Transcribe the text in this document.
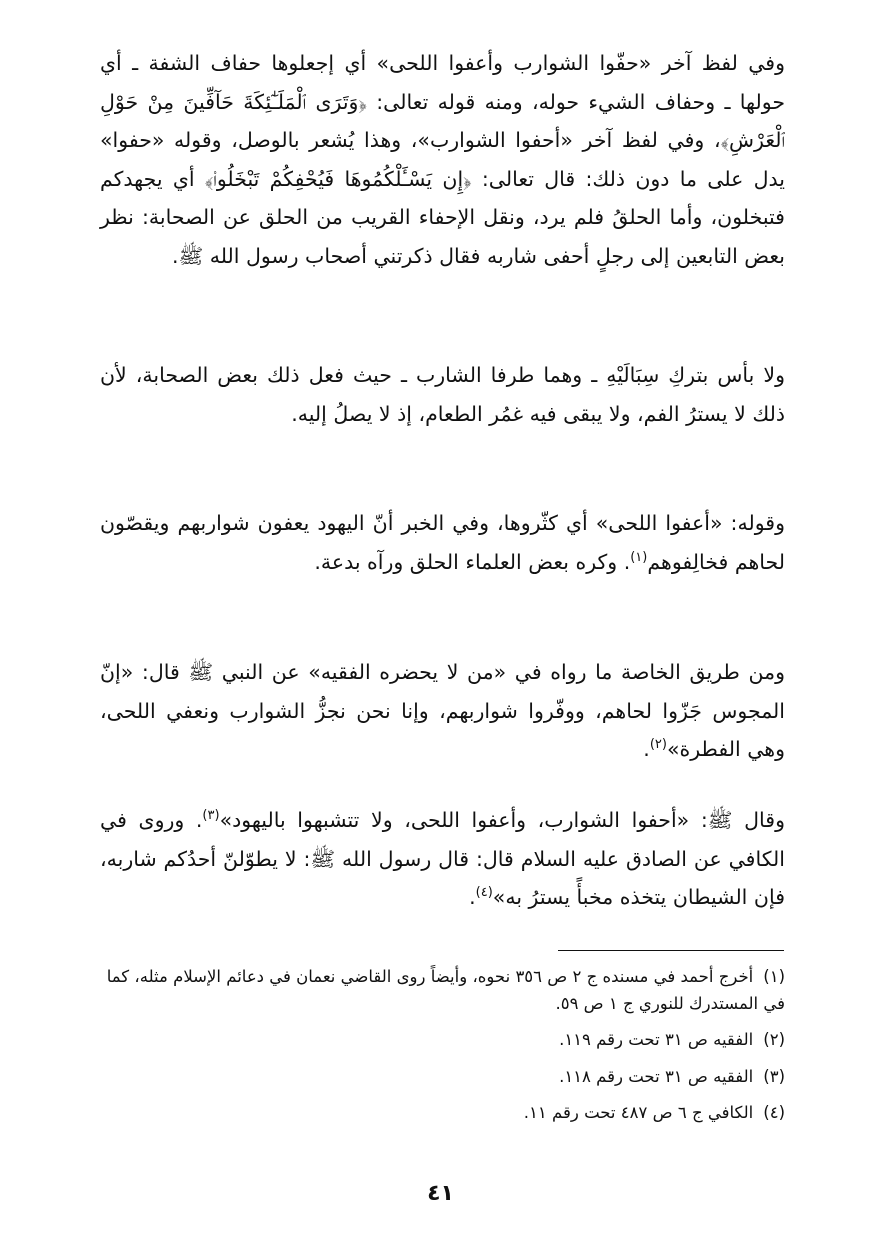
وفي لفظ آخر «حفّوا الشوارب وأعفوا اللحى» أي إجعلوها حفاف الشفة ـ أي حولها ـ وحفاف الشيء حوله، ومنه قوله تعالى: ﴿وَتَرَى ٱلْمَلَـٰٓئِكَةَ حَآفِّينَ مِنْ حَوْلِ ٱلْعَرْشِ﴾، وفي لفظ آخر «أحفوا الشوارب»، وهذا يُشعر بالوصل، وقوله «حفوا» يدل على ما دون ذلك: قال تعالى: ﴿إِن يَسْـَٔلْكُمُوهَا فَيُحْفِكُمْ تَبْخَلُوا۟﴾ أي يجهدكم فتبخلون، وأما الحلقُ فلم يرد، ونقل الإحفاء القريب من الحلق عن الصحابة: نظر بعض التابعين إلى رجلٍ أحفى شاربه فقال ذكرتني أصحاب رسول الله ﷺ.

ولا بأس بتركِ سِبَالَيْهِ ـ وهما طرفا الشارب ـ حيث فعل ذلك بعض الصحابة، لأن ذلك لا يسترُ الفم، ولا يبقى فيه غمُر الطعام، إذ لا يصلُ إليه.

وقوله: «أعفوا اللحى» أي كثّروها، وفي الخبر أنّ اليهود يعفون شواربهم ويقصّون لحاهم فخالِفوهم$^{(١)}$. وكره بعض العلماء الحلق ورآه بدعة.

ومن طريق الخاصة ما رواه في «من لا يحضره الفقيه» عن النبي ﷺ قال: «إنّ المجوس جَزّوا لحاهم، ووفّروا شواربهم، وإنا نحن نجزُّ الشوارب ونعفي اللحى، وهي الفطرة»$^{(٢)}$.

وقال ﷺ: «أحفوا الشوارب، وأعفوا اللحى، ولا تتشبهوا باليهود»$^{(٣)}$. وروى في الكافي عن الصادق عليه السلام قال: قال رسول الله ﷺ: لا يطوّلنّ أحدُكم شاربه، فإن الشيطان يتخذه مخبأً يسترُ به»$^{(٤)}$.

(١)أخرج أحمد في مسنده ج ٢ ص ٣٥٦ نحوه، وأيضاً روى القاضي نعمان في دعائم الإسلام مثله، كما في المستدرك للنوري ج ١ ص ٥٩.
(٢)الفقيه ص ٣١ تحت رقم ١١٩.
(٣)الفقيه ص ٣١ تحت رقم ١١٨.
(٤)الكافي ج ٦ ص ٤٨٧ تحت رقم ١١.
٤١
